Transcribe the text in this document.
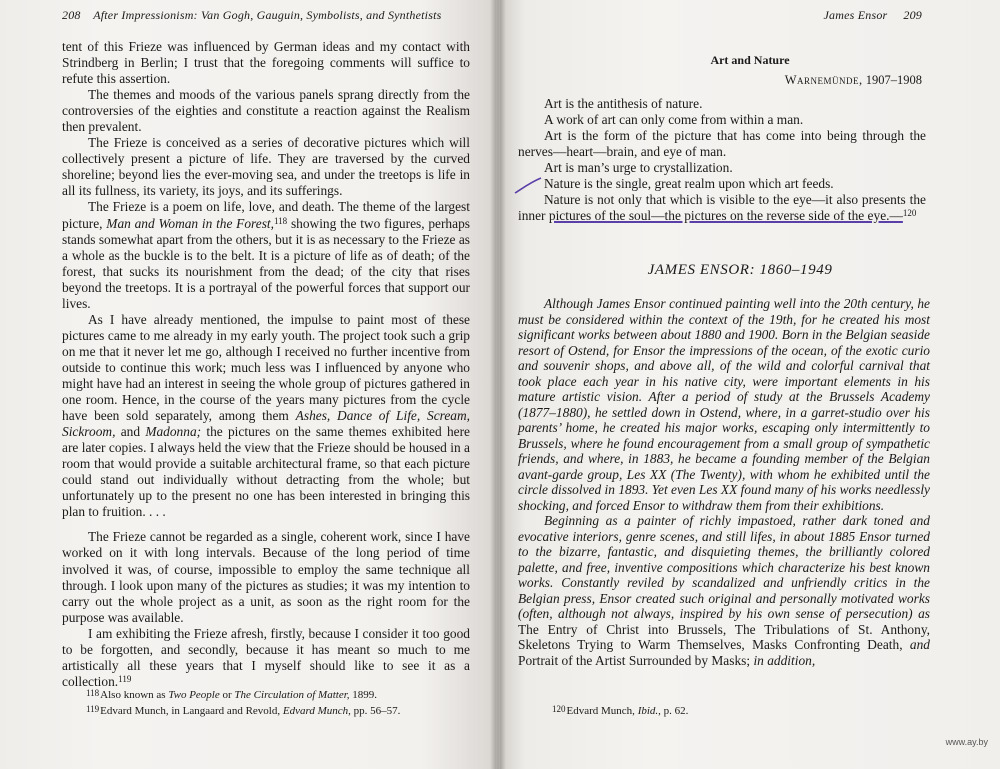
208 After Impressionism: Van Gogh, Gauguin, Symbolists, and Synthetists

tent of this Frieze was influenced by German ideas and my contact with Strindberg in Berlin; I trust that the foregoing comments will suffice to refute this assertion.

The themes and moods of the various panels sprang directly from the controversies of the eighties and constitute a reaction against the Realism then prevalent.

The Frieze is conceived as a series of decorative pictures which will collectively present a picture of life. They are traversed by the curved shoreline; beyond lies the ever-moving sea, and under the treetops is life in all its fullness, its variety, its joys, and its sufferings.

The Frieze is a poem on life, love, and death. The theme of the largest picture, Man and Woman in the Forest,$^{118}$ showing the two figures, perhaps stands somewhat apart from the others, but it is as necessary to the Frieze as a whole as the buckle is to the belt. It is a picture of life as of death; of the forest, that sucks its nourishment from the dead; of the city that rises beyond the treetops. It is a portrayal of the powerful forces that support our lives.

As I have already mentioned, the impulse to paint most of these pictures came to me already in my early youth. The project took such a grip on me that it never let me go, although I received no further incentive from outside to continue this work; much less was I influenced by anyone who might have had an interest in seeing the whole group of pictures gathered in one room. Hence, in the course of the years many pictures from the cycle have been sold separately, among them Ashes, Dance of Life, Scream, Sickroom, and Madonna; the pictures on the same themes exhibited here are later copies. I always held the view that the Frieze should be housed in a room that would provide a suitable architectural frame, so that each picture could stand out individually without detracting from the whole; but unfortunately up to the present no one has been interested in bringing this plan to fruition. . . .

The Frieze cannot be regarded as a single, coherent work, since I have worked on it with long intervals. Because of the long period of time involved it was, of course, impossible to employ the same technique all through. I look upon many of the pictures as studies; it was my intention to carry out the whole project as a unit, as soon as the right room for the purpose was available.

I am exhibiting the Frieze afresh, firstly, because I consider it too good to be forgotten, and secondly, because it has meant so much to me artistically all these years that I myself should like to see it as a collection.$^{119}$

118Also known as Two People or The Circulation of Matter, 1899.
119Edvard Munch, in Langaard and Revold, Edvard Munch, pp. 56–57.
James Ensor 209
Art and Nature
Warnemünde, 1907–1908

Art is the antithesis of nature.

A work of art can only come from within a man.

Art is the form of the picture that has come into being through the nerves—heart—brain, and eye of man.

Art is man’s urge to crystallization.

Nature is the single, great realm upon which art feeds.

Nature is not only that which is visible to the eye—it also presents the inner pictures of the soul—the pictures on the reverse side of the eye.—$^{120}$

JAMES ENSOR: 1860–1949

Although James Ensor continued painting well into the 20th century, he must be considered within the context of the 19th, for he created his most significant works between about 1880 and 1900. Born in the Belgian seaside resort of Ostend, for Ensor the impressions of the ocean, of the exotic curio and souvenir shops, and above all, of the wild and colorful carnival that took place each year in his native city, were important elements in his mature artistic vision. After a period of study at the Brussels Academy (1877–1880), he settled down in Ostend, where, in a garret-studio over his parents’ home, he created his major works, escaping only intermittently to Brussels, where he found encouragement from a small group of sympathetic friends, and where, in 1883, he became a founding member of the Belgian avant-garde group, Les XX (The Twenty), with whom he exhibited until the circle dissolved in 1893. Yet even Les XX found many of his works needlessly shocking, and forced Ensor to withdraw them from their exhibitions.

Beginning as a painter of richly impastoed, rather dark toned and evocative interiors, genre scenes, and still lifes, in about 1885 Ensor turned to the bizarre, fantastic, and disquieting themes, the brilliantly colored palette, and free, inventive compositions which characterize his best known works. Constantly reviled by scandalized and unfriendly critics in the Belgian press, Ensor created such original and personally motivated works (often, although not always, inspired by his own sense of persecution) as The Entry of Christ into Brussels, The Tribulations of St. Anthony, Skeletons Trying to Warm Themselves, Masks Confronting Death, and Portrait of the Artist Surrounded by Masks; in addition,

120Edvard Munch, Ibid., p. 62.
www.ay.by
